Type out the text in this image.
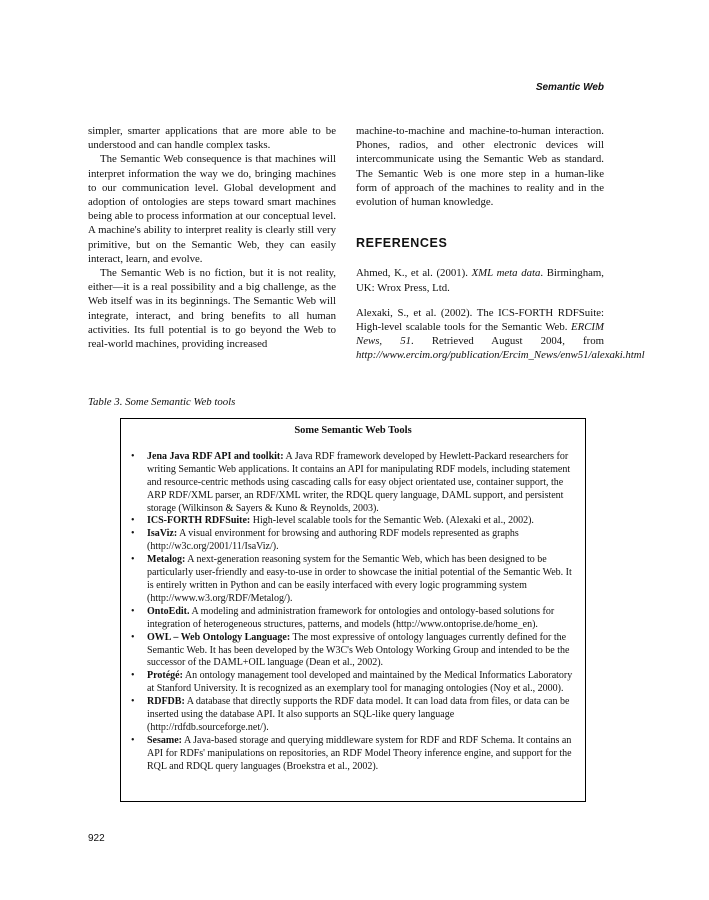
Semantic Web

simpler, smarter applications that are more able to be understood and can handle complex tasks.

The Semantic Web consequence is that machines will interpret information the way we do, bringing machines to our communication level. Global development and adoption of ontologies are steps toward smart machines being able to process information at our conceptual level. A machine's ability to interpret reality is clearly still very primitive, but on the Semantic Web, they can easily interact, learn, and evolve.

The Semantic Web is no fiction, but it is not reality, either—it is a real possibility and a big challenge, as the Web itself was in its beginnings. The Semantic Web will integrate, interact, and bring benefits to all human activities. Its full potential is to go beyond the Web to real-world machines, providing increased

machine-to-machine and machine-to-human interaction. Phones, radios, and other electronic devices will intercommunicate using the Semantic Web as standard. The Semantic Web is one more step in a human-like form of approach of the machines to reality and in the evolution of human knowledge.

REFERENCES

Ahmed, K., et al. (2001). XML meta data. Birmingham, UK: Wrox Press, Ltd.

Alexaki, S., et al. (2002). The ICS-FORTH RDFSuite: High-level scalable tools for the Semantic Web. ERCIM News, 51. Retrieved August 2004, from http://www.ercim.org/publication/Ercim_News/enw51/alexaki.html

Table 3. Some Semantic Web tools
Some Semantic Web Tools
• Jena Java RDF API and toolkit: A Java RDF framework developed by Hewlett-Packard researchers for writing Semantic Web applications. It contains an API for manipulating RDF models, including statement and resource-centric methods using cascading calls for easy object orientated use, container support, the ARP RDF/XML parser, an RDF/XML writer, the RDQL query language, DAML support, and persistent storage (Wilkinson & Sayers & Kuno & Reynolds, 2003).
• ICS-FORTH RDFSuite: High-level scalable tools for the Semantic Web. (Alexaki et al., 2002).
• IsaViz: A visual environment for browsing and authoring RDF models represented as graphs (http://w3c.org/2001/11/IsaViz/).
• Metalog: A next-generation reasoning system for the Semantic Web, which has been designed to be particularly user-friendly and easy-to-use in order to showcase the initial potential of the Semantic Web. It is entirely written in Python and can be easily interfaced with every logic programming system (http://www.w3.org/RDF/Metalog/).
• OntoEdit. A modeling and administration framework for ontologies and ontology-based solutions for integration of heterogeneous structures, patterns, and models (http://www.ontoprise.de/home_en).
• OWL – Web Ontology Language: The most expressive of ontology languages currently defined for the Semantic Web. It has been developed by the W3C's Web Ontology Working Group and intended to be the successor of the DAML+OIL language (Dean et al., 2002).
• Protégé: An ontology management tool developed and maintained by the Medical Informatics Laboratory at Stanford University. It is recognized as an exemplary tool for managing ontologies (Noy et al., 2000).
• RDFDB: A database that directly supports the RDF data model. It can load data from files, or data can be inserted using the database API. It also supports an SQL-like query language (http://rdfdb.sourceforge.net/).
• Sesame: A Java-based storage and querying middleware system for RDF and RDF Schema. It contains an API for RDFs' manipulations on repositories, an RDF Model Theory inference engine, and support for the RQL and RDQL query languages (Broekstra et al., 2002).
922
